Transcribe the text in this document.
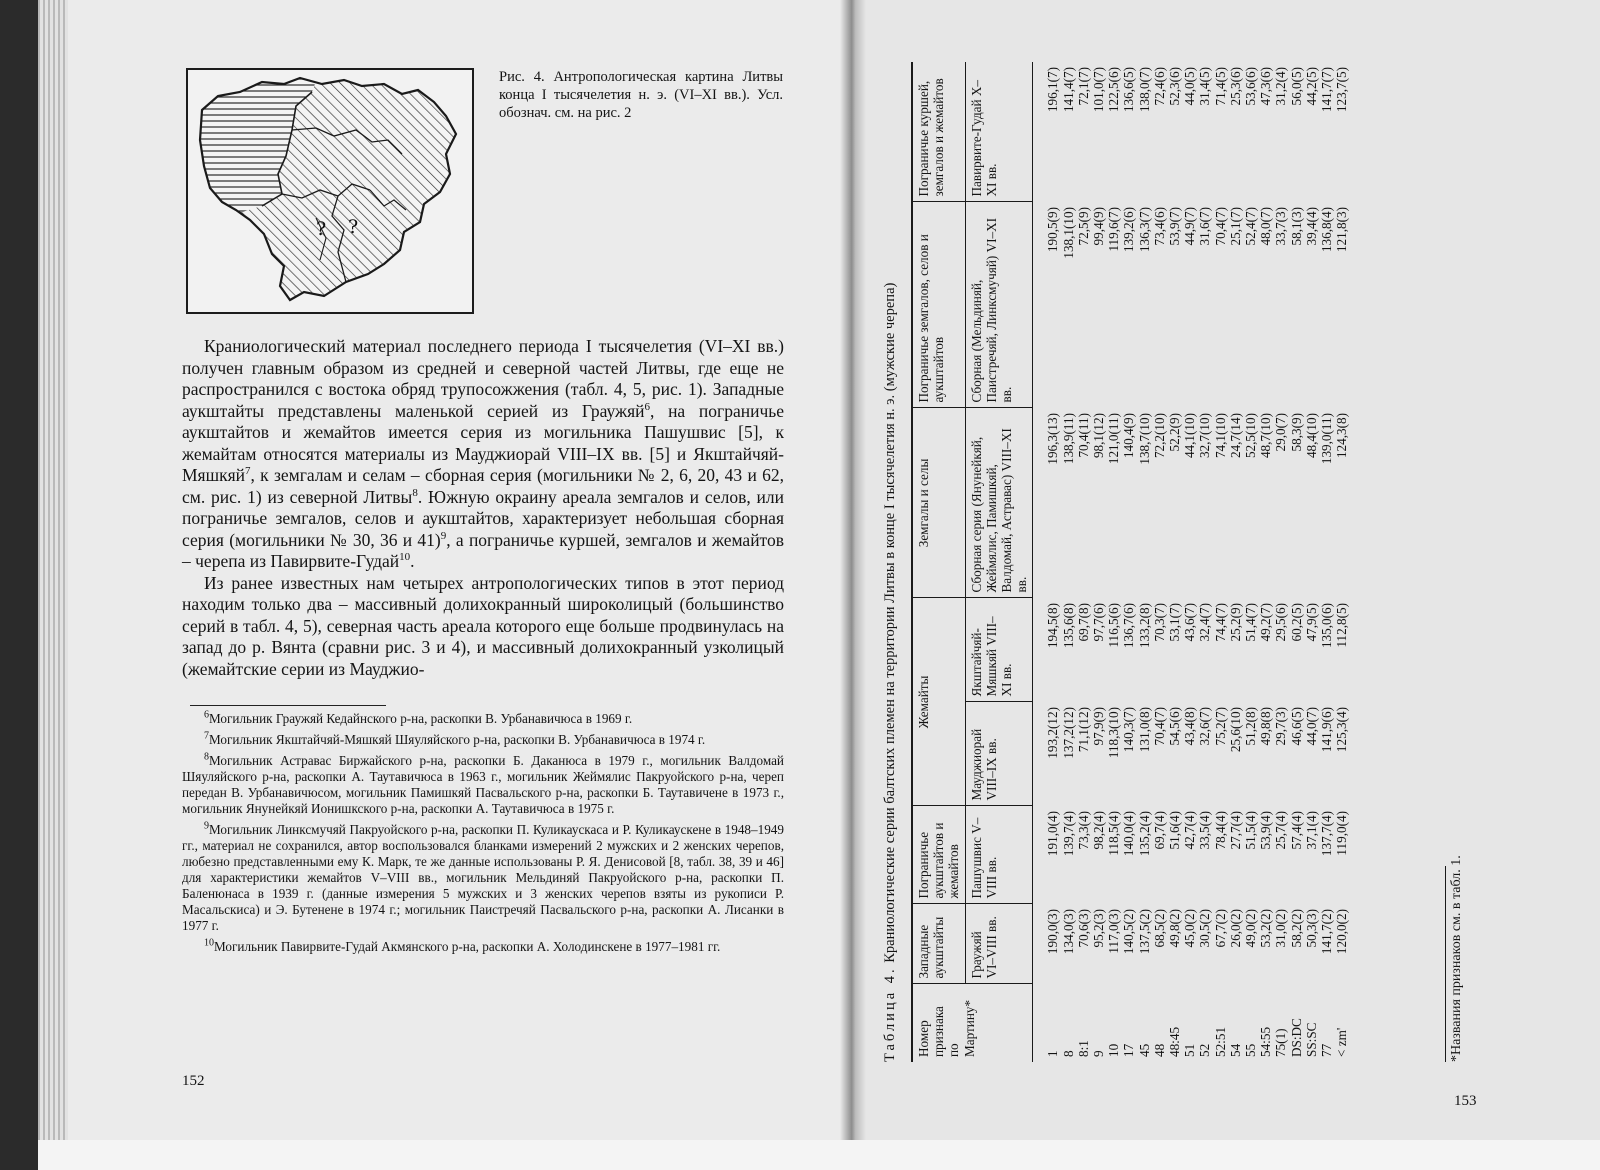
? ?
Рис. 4. Антропологическая картина Литвы конца I тысячелетия н. э. (VI–XI вв.). Усл. обознач. см. на рис. 2

Краниологический материал последнего периода I тысячелетия (VI–XI вв.) получен главным образом из средней и северной частей Литвы, где еще не распространился с востока обряд трупосожжения (табл. 4, 5, рис. 1). Западные аукштайты представлены маленькой серией из Граужяй$^6$, на пограничье аукштайтов и жемайтов имеется серия из могильника Пашушвис [5], к жемайтам относятся материалы из Мауджиорай VIII–IX вв. [5] и Якштайчяй-Мяшкяй$^7$, к земгалам и селам – сборная серия (могильники № 2, 6, 20, 43 и 62, см. рис. 1) из северной Литвы$^8$. Южную окраину ареала земгалов и селов, или пограничье земгалов, селов и аукштайтов, характеризует небольшая сборная серия (могильники № 30, 36 и 41)$^9$, а пограничье куршей, земгалов и жемайтов – черепа из Павирвите-Гудай$^{10}$.

Из ранее известных нам четырех антропологических типов в этот период находим только два – массивный долихокранный широколицый (большинство серий в табл. 4, 5), северная часть ареала которого еще больше продвинулась на запад до р. Вянта (сравни рис. 3 и 4), и массивный долихокранный узколицый (жемайтские серии из Мауджио-

$^6$Могильник Граужяй Кедайнского р-на, раскопки В. Урбанавичюса в 1969 г.

$^7$Могильник Якштайчяй-Мяшкяй Шяуляйского р-на, раскопки В. Урбанавичюса в 1974 г.

$^8$Могильник Астравас Биржайского р-на, раскопки Б. Даканюса в 1979 г., могильник Валдомай Шяуляйского р-на, раскопки А. Таутавичюса в 1963 г., могильник Жеймялис Пакруойского р-на, череп передан В. Урбанавичюсом, могильник Памишкяй Пасвальского р-на, раскопки Б. Таутавичене в 1973 г., могильник Янунейкяй Ионишкского р-на, раскопки А. Таутавичюса в 1975 г.

$^9$Могильник Линксмучяй Пакруойского р-на, раскопки П. Куликаускаса и Р. Куликаускене в 1948–1949 гг., материал не сохранился, автор воспользовался бланками измерений 2 мужских и 2 женских черепов, любезно представленными ему К. Марк, те же данные использованы Р. Я. Денисовой [8, табл. 38, 39 и 46] для характеристики жемайтов V–VIII вв., могильник Мельдиняй Пакруойского р-на, раскопки П. Баленюнаса в 1939 г. (данные измерения 5 мужских и 3 женских черепов взяты из рукописи Р. Масальскиса) и Э. Бутенене в 1974 г.; могильник Паистречяй Пасвальского р-на, раскопки А. Лисанки в 1977 г.

$^{10}$Могильник Павирвите-Гудай Акмянского р-на, раскопки А. Холодинскене в 1977–1981 гг.

152
Таблица 4. Краниологические серии балтских племен на территории Литвы в конце I тысячелетия н. э. (мужские черепа)
Номер признака по Мартину*	Западные аукштайты	Пограничье аукштайтов и жемайтов	Жемайты		Земгалы и селы	Пограничье земгалов, селов и аукштайтов	Пограничье куршей, земгалов и жемайтов
	Граужяй VI–VIII вв.	Пашушвис V–VIII вв.	Мауджиорай VIII–IX вв.	Якштайчяй-Мяшкяй VIII–XI вв.	Сборная серия (Янунейкяй, Жеймялис, Памишкяй, Валдомай, Астравас) VIII–XI вв.	Сборная (Мельдиняй, Паистречяй, Линксмучяй) VI–XI вв.	Павирвите-Гудай X–XI вв.
1	190,0(3)	191,0(4)	193,2(12)	194,5(8)	196,3(13)	190,5(9)	196,1(7)
8	134,0(3)	139,7(4)	137,2(12)	135,6(8)	138,9(11)	138,1(10)	141,4(7)
8:1	70,6(3)	73,3(4)	71,1(12)	69,7(8)	70,4(11)	72,5(9)	72,1(7)
9	95,2(3)	98,2(4)	97,9(9)	97,7(6)	98,1(12)	99,4(9)	101,0(7)
10	117,0(3)	118,5(4)	118,3(10)	116,5(6)	121,0(11)	119,6(7)	122,5(6)
17	140,5(2)	140,0(4)	140,3(7)	136,7(6)	140,4(9)	139,2(6)	136,6(5)
45	137,5(2)	135,2(4)	131,0(8)	133,2(8)	138,7(10)	136,3(7)	138,0(7)
48	68,5(2)	69,7(4)	70,4(7)	70,3(7)	72,2(10)	73,4(6)	72,4(6)
48:45	49,8(2)	51,6(4)	54,5(6)	53,1(7)	52,2(9)	53,9(7)	52,3(6)
51	45,0(2)	42,7(4)	43,4(8)	43,6(7)	44,1(10)	44,9(7)	44,0(5)
52	30,5(2)	33,5(4)	32,6(7)	32,4(7)	32,7(10)	31,6(7)	31,4(5)
52:51	67,7(2)	78,4(4)	75,2(7)	74,4(7)	74,1(10)	70,4(7)	71,4(5)
54	26,0(2)	27,7(4)	25,6(10)	25,2(9)	24,7(14)	25,1(7)	25,3(6)
55	49,0(2)	51,5(4)	51,2(8)	51,4(7)	52,5(10)	52,4(7)	53,6(6)
54:55	53,2(2)	53,9(4)	49,8(8)	49,2(7)	48,7(10)	48,0(7)	47,3(6)
75(1)	31,0(2)	25,7(4)	29,7(3)	29,5(6)	29,0(7)	33,7(3)	31,2(4)
DS:DC	58,2(2)	57,4(4)	46,6(5)	60,2(5)	58,3(9)	58,1(3)	56,0(5)
SS:SC	50,3(3)	37,1(4)	44,0(7)	47,9(5)	48,4(10)	39,4(4)	44,2(5)
77	141,7(2)	137,7(4)	141,9(6)	135,0(6)	139,0(11)	136,8(4)	141,7(7)
< zm'	120,0(2)	119,0(4)	125,3(4)	112,8(5)	124,3(8)	121,8(3)	123,7(5)
*Названия признаков см. в табл. 1.
153
